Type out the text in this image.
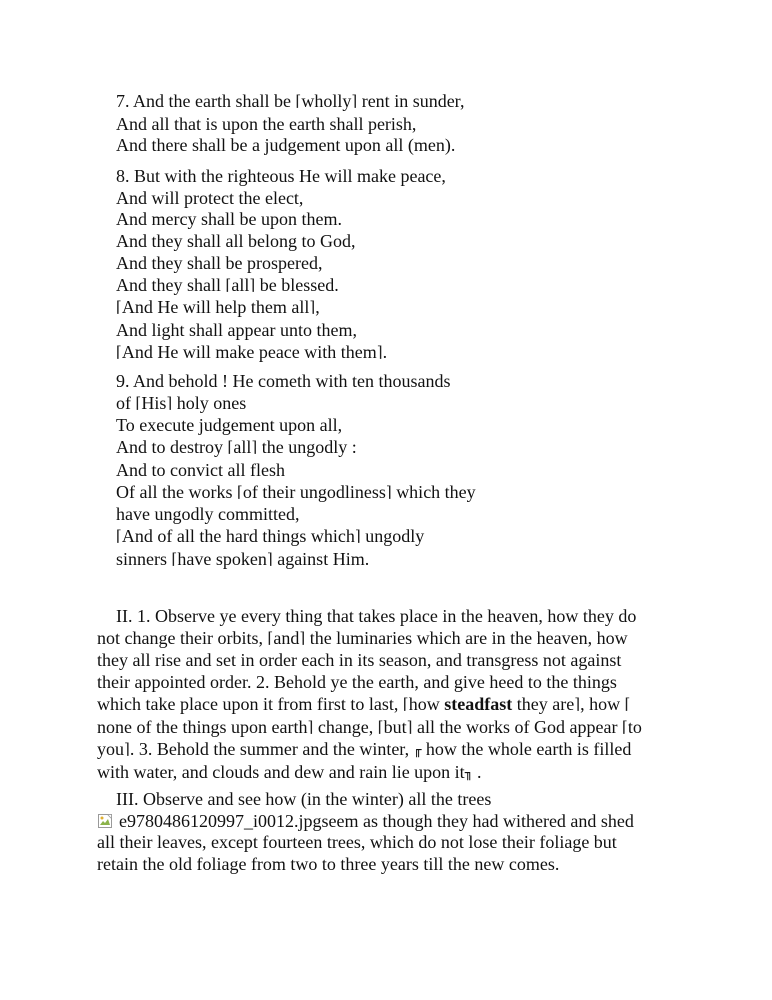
7. And the earth shall be ⌈wholly⌉ rent in sunder,
And all that is upon the earth shall perish,
And there shall be a judgement upon all (men).
8. But with the righteous He will make peace,
And will protect the elect,
And mercy shall be upon them.
And they shall all belong to God,
And they shall be prospered,
And they shall ⌈all⌉ be blessed.
⌈And He will help them all⌉,
And light shall appear unto them,
⌈And He will make peace with them⌉.
9. And behold ! He cometh with ten thousands
of ⌈His⌉ holy ones
To execute judgement upon all,
And to destroy ⌈all⌉ the ungodly :
And to convict all flesh
Of all the works ⌈of their ungodliness⌉ which they
have ungodly committed,
⌈And of all the hard things which⌉ ungodly
sinners ⌈have spoken⌉ against Him.
II. 1. Observe ye every thing that takes place in the heaven, how they do
not change their orbits, ⌈and⌉ the luminaries which are in the heaven, how
they all rise and set in order each in its season, and transgress not against
their appointed order. 2. Behold ye the earth, and give heed to the things
which take place upon it from first to last, ⌈how steadfast they are⌉, how ⌈
none of the things upon earth⌉ change, ⌈but⌉ all the works of God appear ⌈to
you⌉. 3. Behold the summer and the winter, ╓ how the whole earth is filled
with water, and clouds and dew and rain lie upon it╖ .
III. Observe and see how (in the winter) all the trees
e9780486120997_i0012.jpgseem as though they had withered and shed
all their leaves, except fourteen trees, which do not lose their foliage but
retain the old foliage from two to three years till the new comes.
